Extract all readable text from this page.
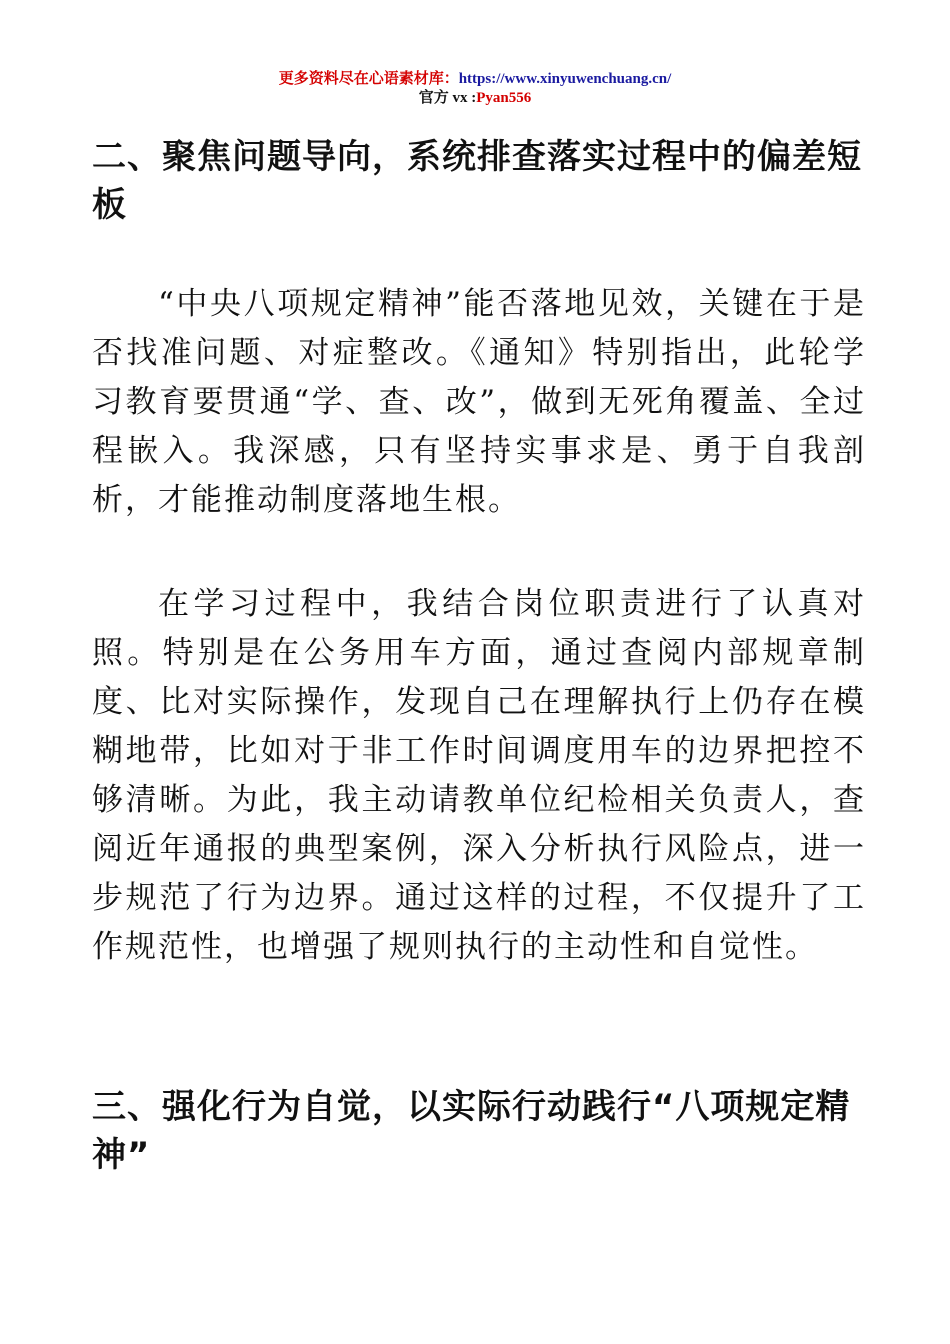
更多资料尽在心语素材库：https://www.xinyuwenchuang.cn/
官方 vx :Pyan556
二、聚焦问题导向，系统排查落实过程中的偏差短板

“中央八项规定精神”能否落地见效，关键在于是否找准问题、对症整改。《通知》特别指出，此轮学习教育要贯通“学、查、改”，做到无死角覆盖、全过程嵌入。我深感，只有坚持实事求是、勇于自我剖析，才能推动制度落地生根。

在学习过程中，我结合岗位职责进行了认真对照。特别是在公务用车方面，通过查阅内部规章制度、比对实际操作，发现自己在理解执行上仍存在模糊地带，比如对于非工作时间调度用车的边界把控不够清晰。为此，我主动请教单位纪检相关负责人，查阅近年通报的典型案例，深入分析执行风险点，进一步规范了行为边界。通过这样的过程，不仅提升了工作规范性，也增强了规则执行的主动性和自觉性。

三、强化行为自觉，以实际行动践行“八项规定精神”
